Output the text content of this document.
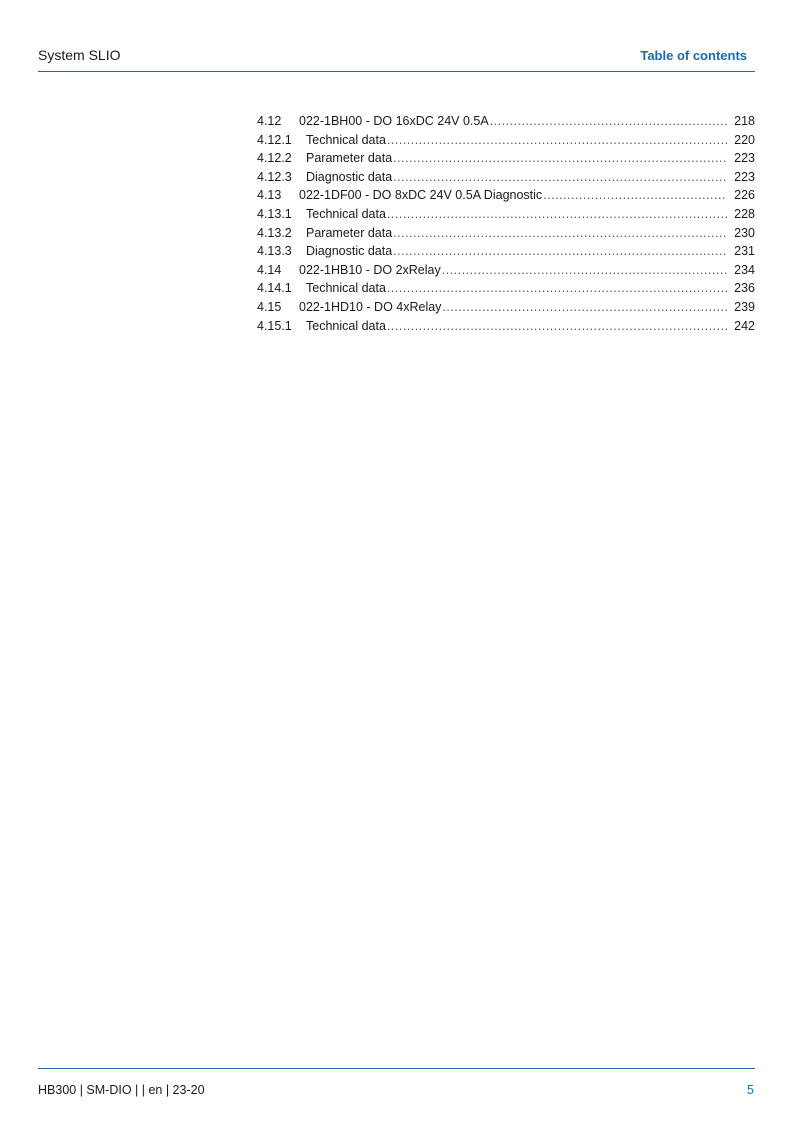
System SLIO	Table of contents
4.12	022-1BH00 - DO 16xDC 24V 0.5A .....	218
4.12.1	Technical data .....	220
4.12.2	Parameter data .....	223
4.12.3	Diagnostic data .....	223
4.13	022-1DF00 - DO 8xDC 24V 0.5A Diagnostic .....	226
4.13.1	Technical data .....	228
4.13.2	Parameter data .....	230
4.13.3	Diagnostic data .....	231
4.14	022-1HB10 - DO 2xRelay .....	234
4.14.1	Technical data .....	236
4.15	022-1HD10 - DO 4xRelay .....	239
4.15.1	Technical data .....	242
HB300 | SM-DIO | | en | 23-20	5
